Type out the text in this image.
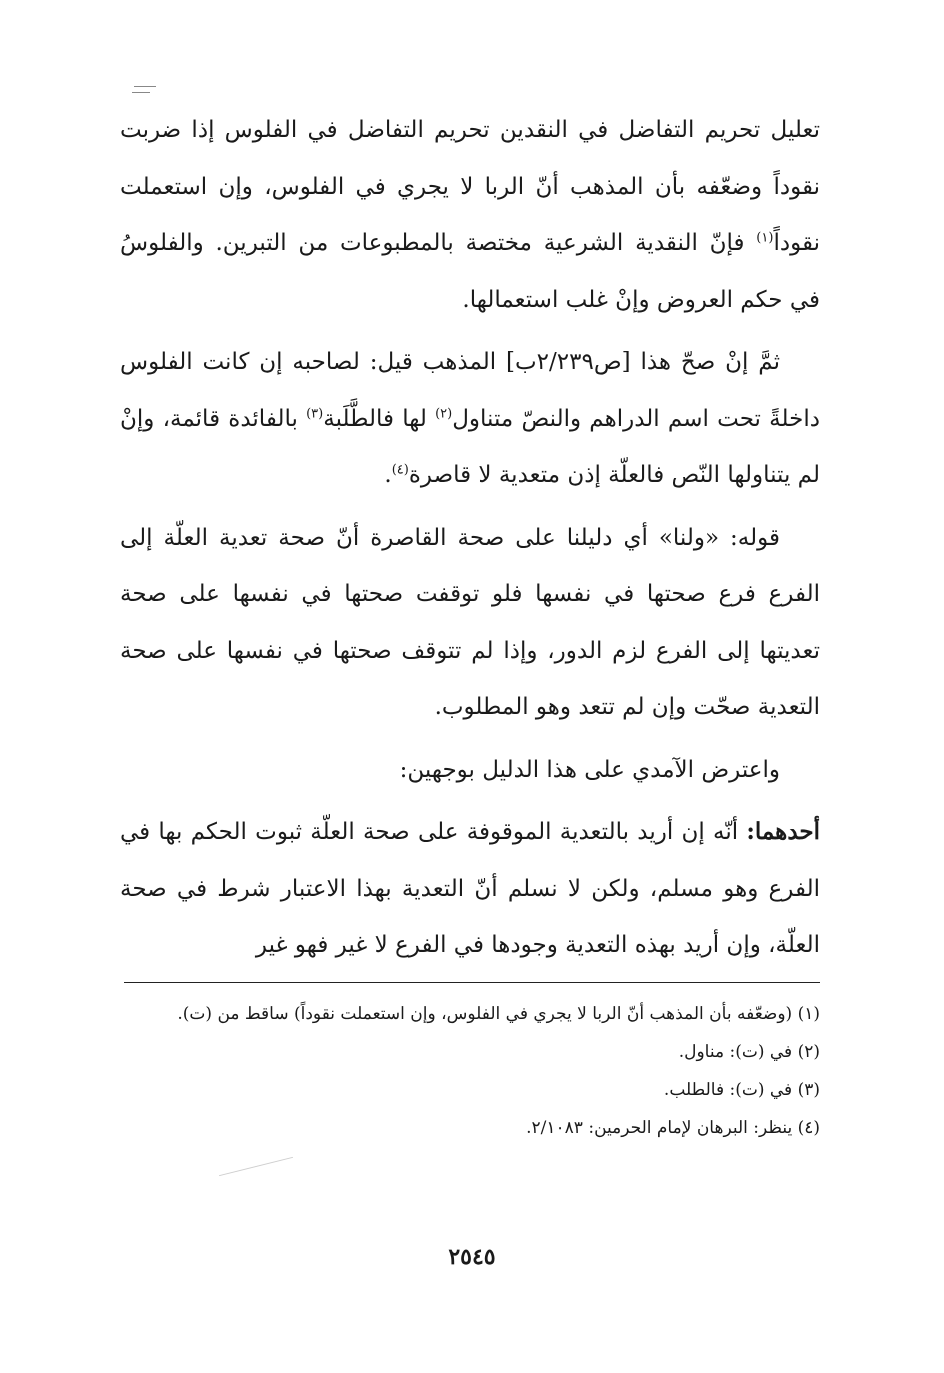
تعليل تحريم التفاضل في النقدين تحريم التفاضل في الفلوس إذا ضربت نقوداً وضعّفه بأن المذهب أنّ الربا لا يجري في الفلوس، وإن استعملت نقوداً$^{(١)}$ فإنّ النقدية الشرعية مختصة بالمطبوعات من التبرين. والفلوسُ في حكم العروض وإنْ غلب استعمالها.

ثمَّ إنْ صحّ هذا [ص٢/٢٣٩ب] المذهب قيل: لصاحبه إن كانت الفلوس داخلةً تحت اسم الدراهم والنصّ متناول$^{(٢)}$ لها فالطَّلَبة$^{(٣)}$ بالفائدة قائمة، وإنْ لم يتناولها النّص فالعلّة إذن متعدية لا قاصرة$^{(٤)}$.

قوله: «ولنا» أي دليلنا على صحة القاصرة أنّ صحة تعدية العلّة إلى الفرع فرع صحتها في نفسها فلو توقفت صحتها في نفسها على صحة تعديتها إلى الفرع لزم الدور، وإذا لم تتوقف صحتها في نفسها على صحة التعدية صحّت وإن لم تتعد وهو المطلوب.

واعترض الآمدي على هذا الدليل بوجهين:

أحدهما: أنّه إن أريد بالتعدية الموقوفة على صحة العلّة ثبوت الحكم بها في الفرع وهو مسلم، ولكن لا نسلم أنّ التعدية بهذا الاعتبار شرط في صحة العلّة، وإن أريد بهذه التعدية وجودها في الفرع لا غير فهو غير

(١) (وضعّفه بأن المذهب أنّ الربا لا يجري في الفلوس، وإن استعملت نقوداً) ساقط من (ت).

(٢) في (ت): مناول.

(٣) في (ت): فالطلب.

(٤) ينظر: البرهان لإمام الحرمين: ٢/١٠٨٣.

٢٥٤٥
